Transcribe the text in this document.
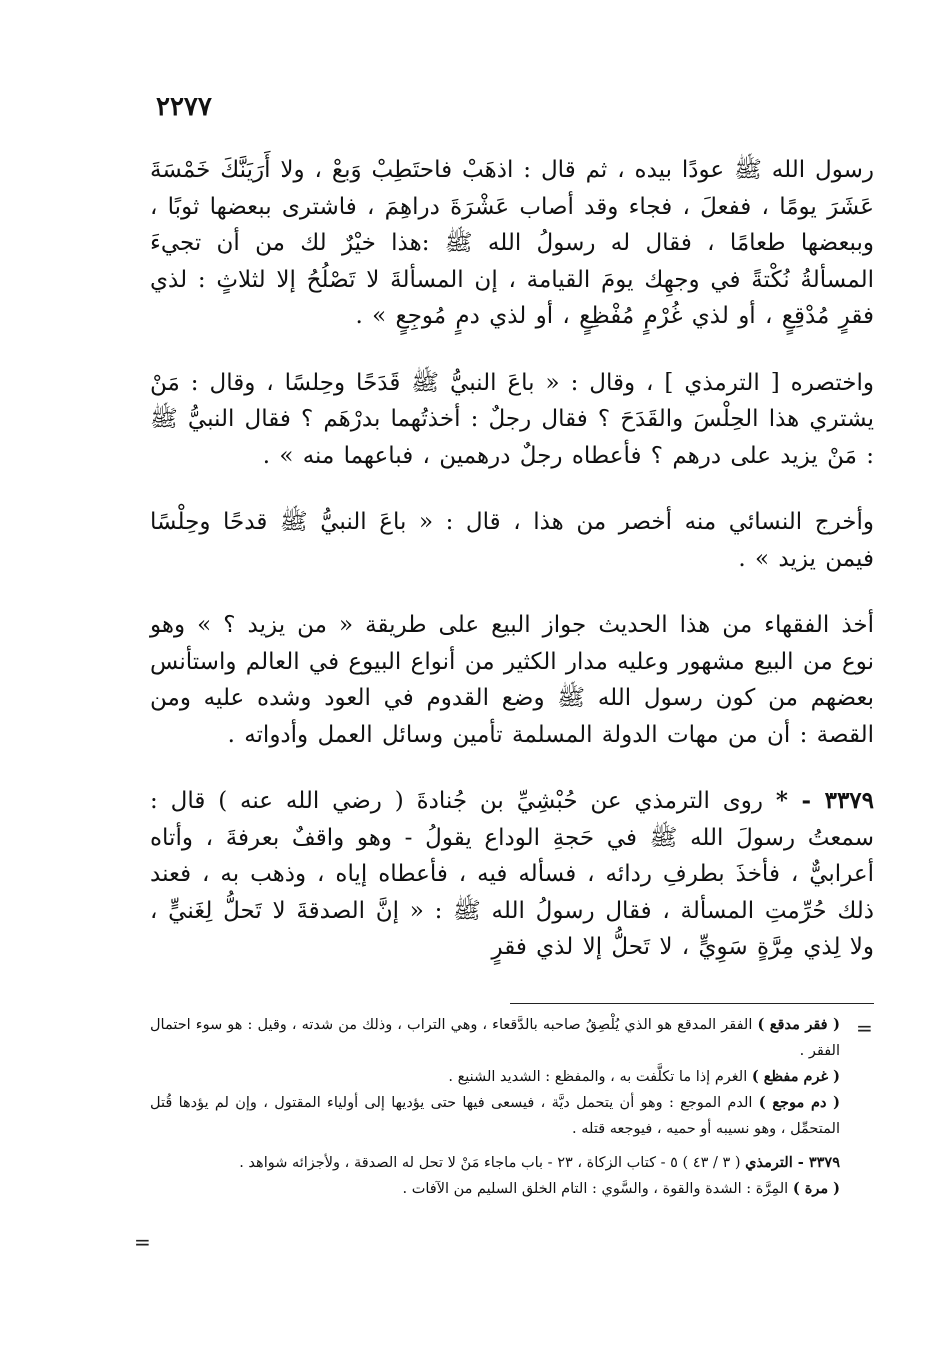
٢٢٧٧

رسول الله ﷺ عودًا بيده ، ثم قال : اذهَبْ فاحتَطِبْ وَبعْ ، ولا أَرَيَنَّكَ خَمْسَةَ عَشَرَ يومًا ، ففعلَ ، فجاء وقد أصاب عَشْرَةَ دراهِمَ ، فاشترى ببعضها ثوبًا ، وببعضها طعامًا ، فقال له رسولُ الله ﷺ :هذا خيْرٌ لك من أن تجيءَ المسألةُ نُكْتةً في وجهِك يومَ القيامة ، إن المسألةَ لا تَصْلُحُ إلا لثلاثٍ : لذي فقرٍ مُدْقِعٍ ، أو لذي غُرْمٍ مُفْظِعٍ ، أو لذي دمٍ مُوجِعٍ » .

واختصره [ الترمذي ] ، وقال : « باعَ النبيُّ ﷺ قَدَحًا وحِلسًا ، وقال : مَنْ يشتري هذا الحِلْسَ والقَدَحَ ؟ فقال رجلٌ : أخذتُهما بدرْهَم ؟ فقال النبيُّ ﷺ : مَنْ يزيد على درهم ؟ فأعطاه رجلٌ درهمين ، فباعهما منه » .

وأخرج النسائي منه أخصر من هذا ، قال : « باعَ النبيُّ ﷺ قدحًا وحِلْسًا فيمن يزيد » .

أخذ الفقهاء من هذا الحديث جواز البيع على طريقة « من يزيد ؟ » وهو نوع من البيع مشهور وعليه مدار الكثير من أنواع البيوع في العالم واستأنس بعضهم من كون رسول الله ﷺ وضع القدوم في العود وشده عليه ومن القصة : أن من مهات الدولة المسلمة تأمين وسائل العمل وأدواته .

٣٣٧٩ - * روى الترمذي عن حُبْشِيِّ بن جُنادةَ ( رضي الله عنه ) قال : سمعتُ رسولَ الله ﷺ في حَجةِ الوداع يقولُ - وهو واقفٌ بعرفةَ ، وأتاه أعرابيٌّ ، فأخذَ بطرفِ ردائه ، فسأله فيه ، فأعطاه إياه ، وذهب به ، فعند ذلك حُرِّمتِ المسألة ، فقال رسولُ الله ﷺ : « إنَّ الصدقةَ لا تَحلُّ لِغَنيٍّ ، ولا لِذي مِرَّةٍ سَوِيٍّ ، لا تَحلُّ إلا لذي فقرٍ

=

( فقر مدقع ) الفقر المدقع هو الذي يُلْصِقُ صاحبه بالدَّقعاء ، وهي التراب ، وذلك من شدته ، وقيل : هو سوء احتمال الفقر .

( غرم مفظع ) الغرم إذا ما تكلَّفت به ، والمفظع : الشديد الشنيع .

( دم موجع ) الدم الموجع : وهو أن يتحمل ديَّة ، فيسعى فيها حتى يؤديها إلى أولياء المقتول ، وإن لم يؤدها قُتل المتحمِّل ، وهو نسيبه أو حميه ، فيوجعه قتله .

٣٣٧٩ - الترمذي ( ٣ / ٤٣ ) ٥ - كتاب الزكاة ، ٢٣ - باب ماجاء مَنْ لا تحل له الصدقة ، ولأجزائه شواهد .

( مرة ) المِرَّة : الشدة والقوة ، والسَّوي : التام الخلق السليم من الآفات .

=
